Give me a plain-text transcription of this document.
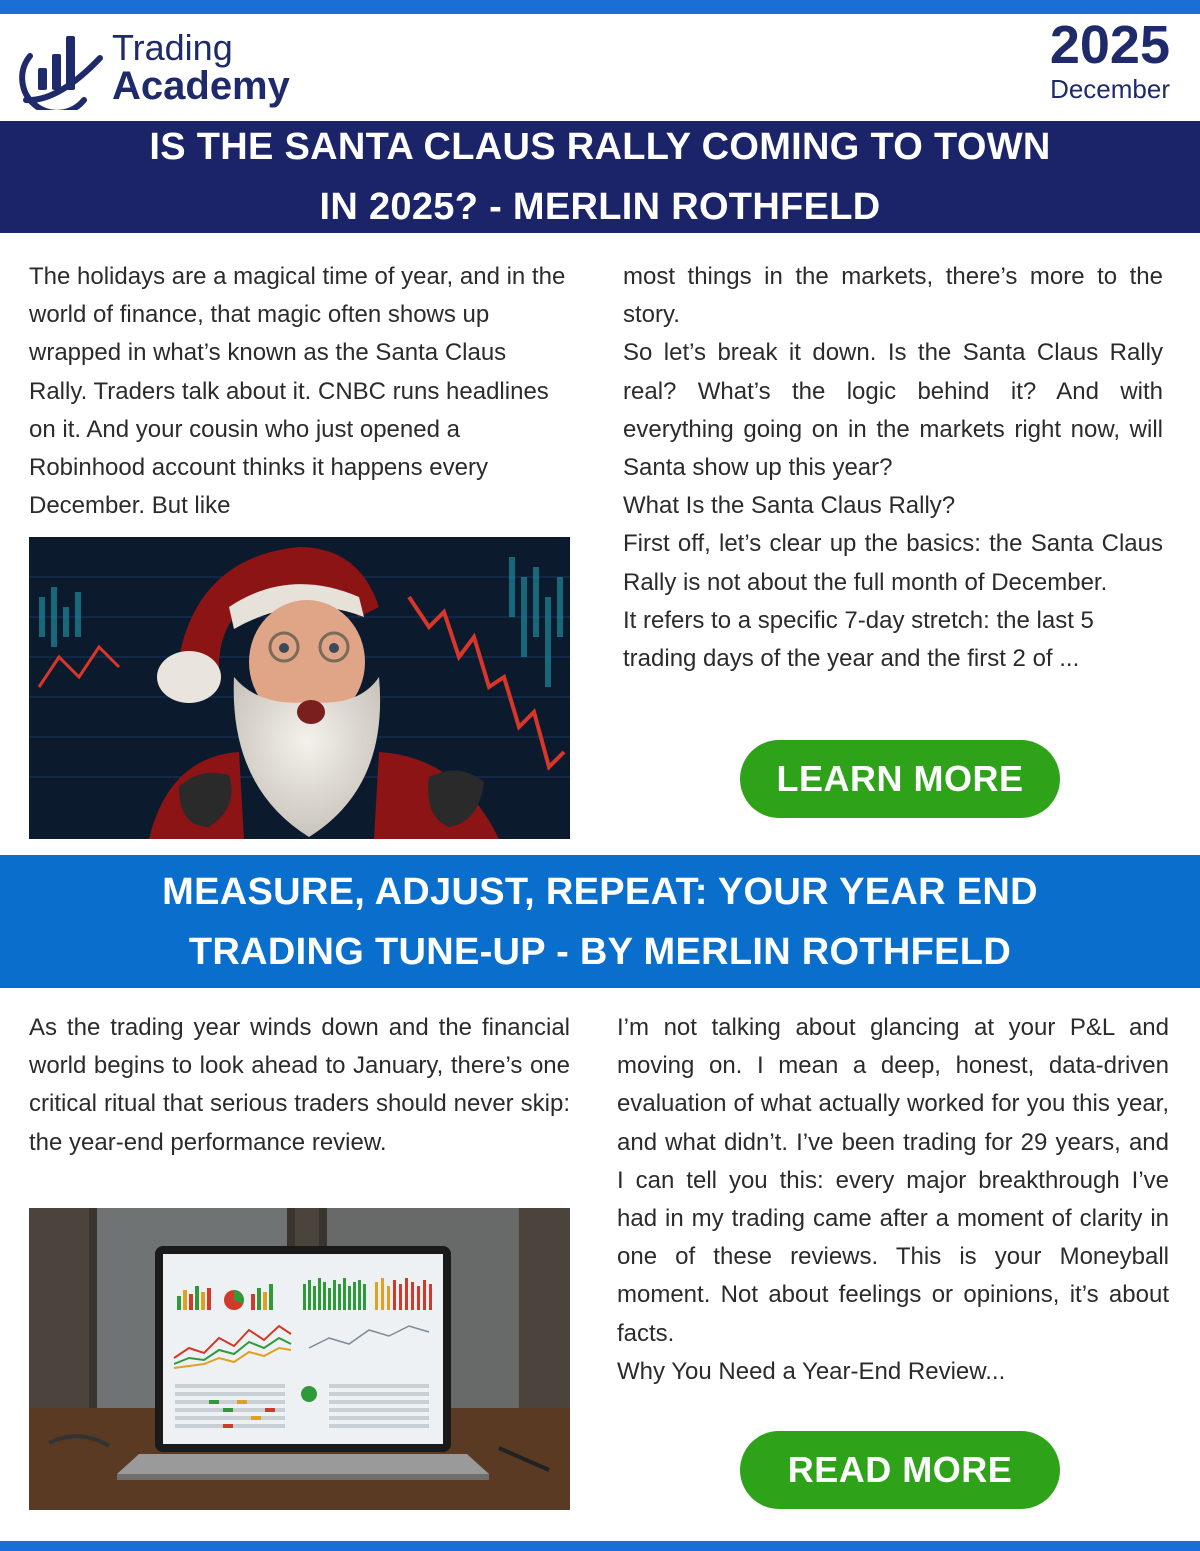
Trading
Academy
2025
December
IS THE SANTA CLAUS RALLY COMING TO TOWN
IN 2025? - MERLIN ROTHFELD

The holidays are a magical time of year, and in the world of finance, that magic often shows up wrapped in what’s known as the Santa Claus Rally. Traders talk about it. CNBC runs headlines on it. And your cousin who just opened a Robinhood account thinks it happens every December. But like

most things in the markets, there’s more to the story.

So let’s break it down. Is the Santa Claus Rally real? What’s the logic behind it? And with everything going on in the markets right now, will Santa show up this year?

What Is the Santa Claus Rally?

First off, let’s clear up the basics: the Santa Claus Rally is not about the full month of December.

It refers to a specific 7-day stretch: the last 5 trading days of the year and the first 2 of ...

LEARN MORE
MEASURE, ADJUST, REPEAT: YOUR YEAR END
TRADING TUNE-UP - BY MERLIN ROTHFELD

As the trading year winds down and the financial world begins to look ahead to January, there’s one critical ritual that serious traders should never skip: the year-end performance review.

I’m not talking about glancing at your P&L and moving on. I mean a deep, honest, data-driven evaluation of what actually worked for you this year, and what didn’t. I’ve been trading for 29 years, and I can tell you this: every major breakthrough I’ve had in my trading came after a moment of clarity in one of these reviews. This is your Moneyball moment. Not about feelings or opinions, it’s about facts.

Why You Need a Year-End Review...

READ MORE
